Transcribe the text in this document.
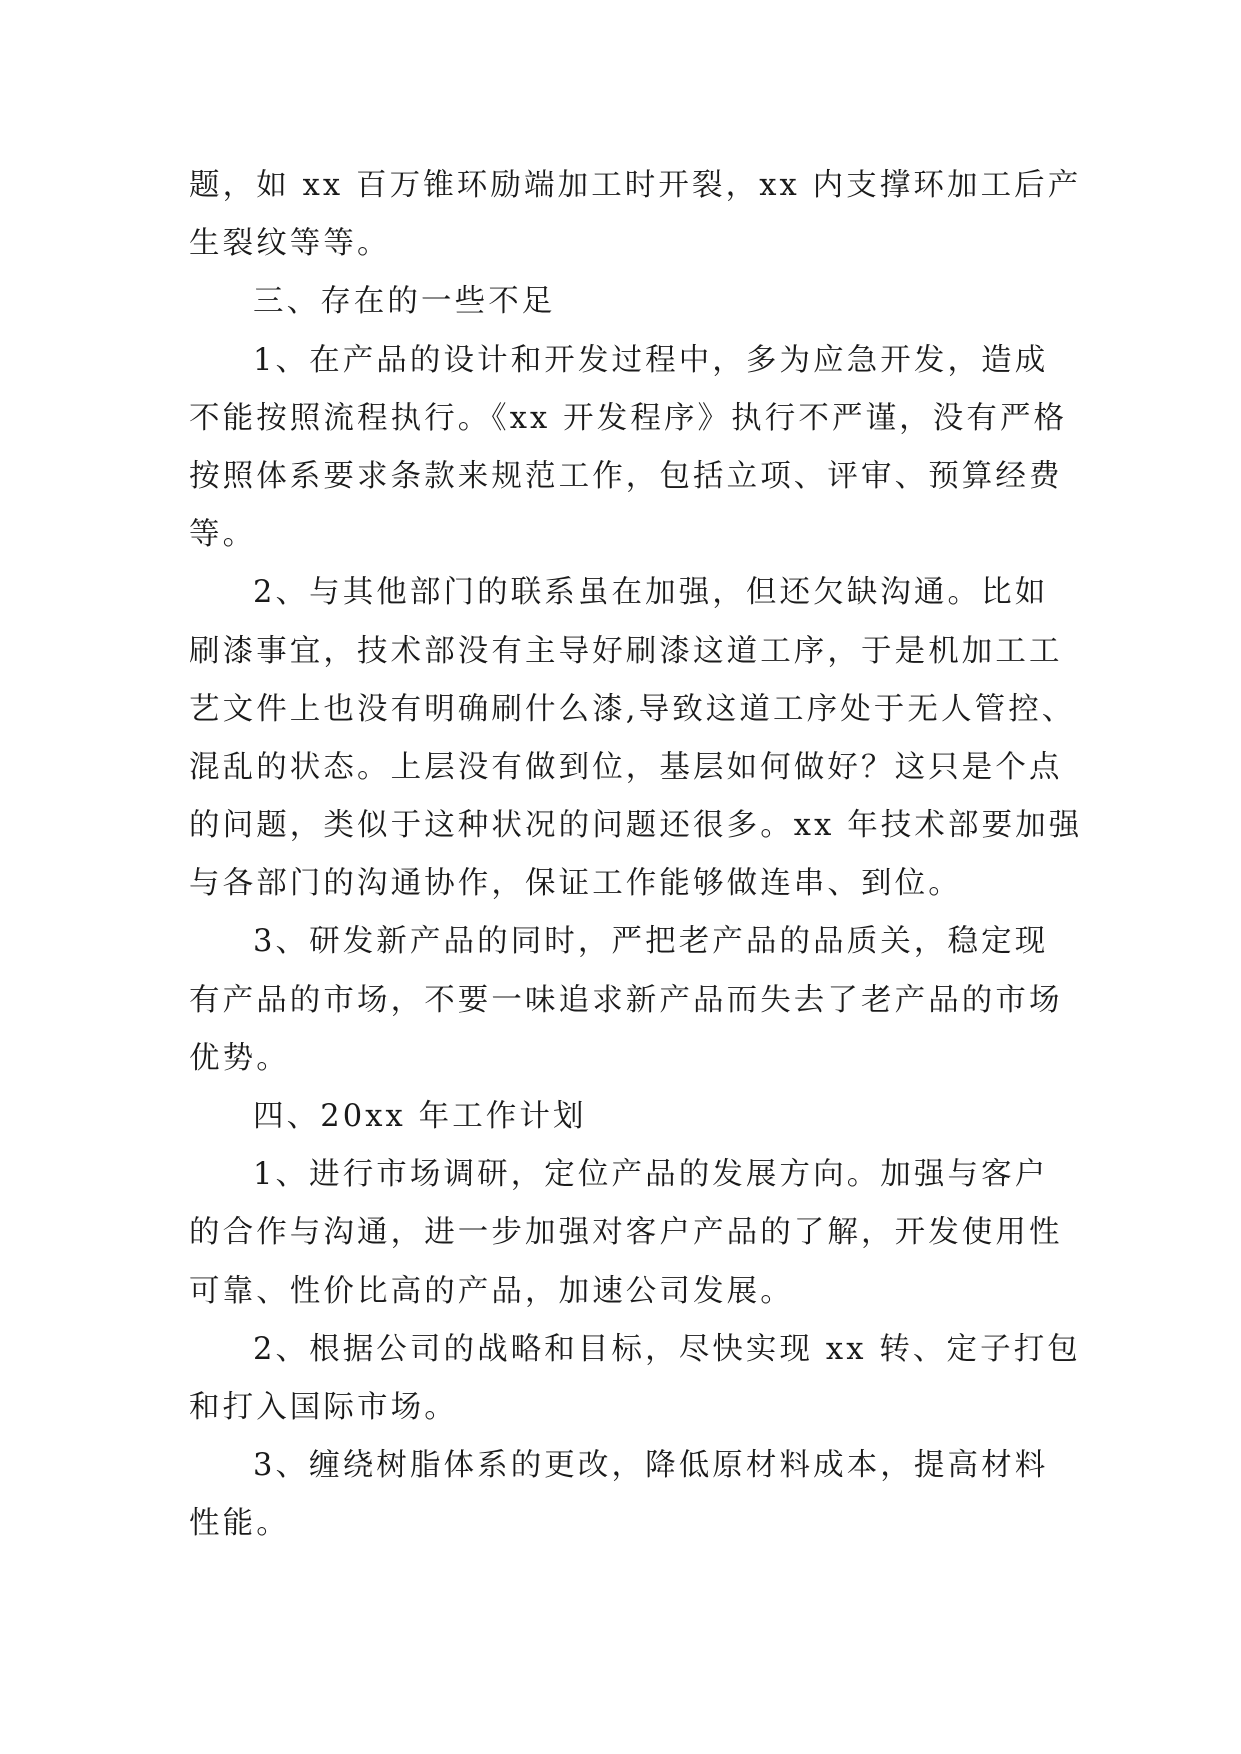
题，如 xx 百万锥环励端加工时开裂，xx 内支撑环加工后产
生裂纹等等。
三、存在的一些不足
1、在产品的设计和开发过程中，多为应急开发，造成
不能按照流程执行。《xx 开发程序》执行不严谨，没有严格
按照体系要求条款来规范工作，包括立项、评审、预算经费
等。
2、与其他部门的联系虽在加强，但还欠缺沟通。比如
刷漆事宜，技术部没有主导好刷漆这道工序，于是机加工工
艺文件上也没有明确刷什么漆,导致这道工序处于无人管控、
混乱的状态。上层没有做到位，基层如何做好？这只是个点
的问题，类似于这种状况的问题还很多。xx 年技术部要加强
与各部门的沟通协作，保证工作能够做连串、到位。
3、研发新产品的同时，严把老产品的品质关，稳定现
有产品的市场，不要一味追求新产品而失去了老产品的市场
优势。
四、20xx 年工作计划
1、进行市场调研，定位产品的发展方向。加强与客户
的合作与沟通，进一步加强对客户产品的了解，开发使用性
可靠、性价比高的产品，加速公司发展。
2、根据公司的战略和目标，尽快实现 xx 转、定子打包
和打入国际市场。
3、缠绕树脂体系的更改，降低原材料成本，提高材料
性能。
